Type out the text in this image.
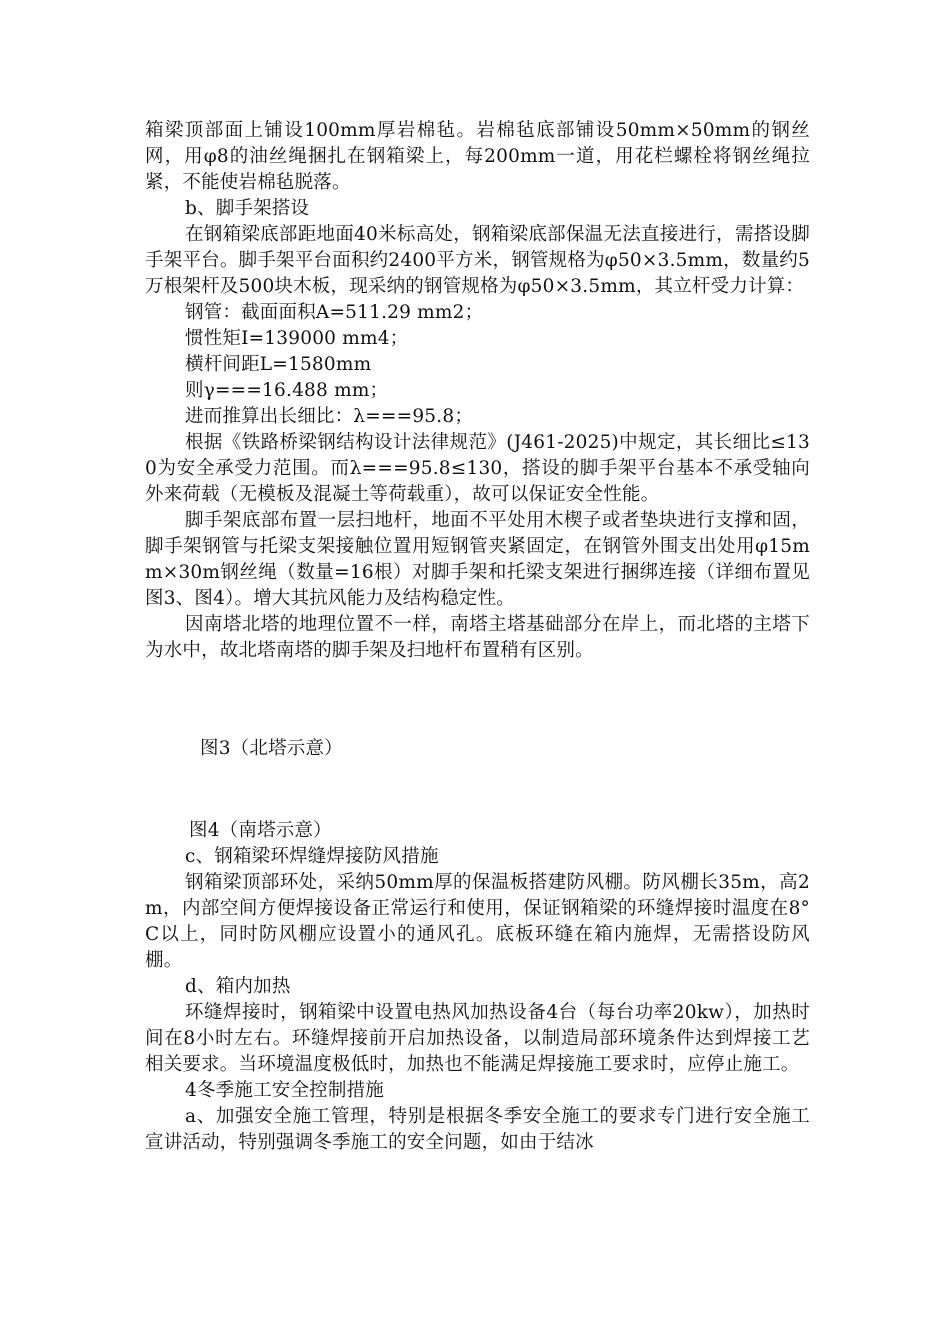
箱梁顶部面上铺设100mm厚岩棉毡。岩棉毡底部铺设50mm×50mm的钢丝网，用φ8的油丝绳捆扎在钢箱梁上，每200mm一道，用花栏螺栓将钢丝绳拉紧，不能使岩棉毡脱落。

b、脚手架搭设

在钢箱梁底部距地面40米标高处，钢箱梁底部保温无法直接进行，需搭设脚手架平台。脚手架平台面积约2400平方米，钢管规格为φ50×3.5mm，数量约5万根架杆及500块木板，现采纳的钢管规格为φ50×3.5mm，其立杆受力计算：

钢管：截面面积A=511.29 mm2；

惯性矩I=139000 mm4；

横杆间距L=1580mm

则γ===16.488 mm；

进而推算出长细比：λ===95.8；

根据《铁路桥梁钢结构设计法律规范》(J461-2025)中规定，其长细比≤130为安全承受力范围。而λ===95.8≤130，搭设的脚手架平台基本不承受轴向外来荷载（无模板及混凝土等荷载重），故可以保证安全性能。

脚手架底部布置一层扫地杆，地面不平处用木楔子或者垫块进行支撑和固，脚手架钢管与托梁支架接触位置用短钢管夹紧固定，在钢管外围支出处用φ15mm×30m钢丝绳（数量=16根）对脚手架和托梁支架进行捆绑连接（详细布置见图3、图4）。增大其抗风能力及结构稳定性。

因南塔北塔的地理位置不一样，南塔主塔基础部分在岸上，而北塔的主塔下为水中，故北塔南塔的脚手架及扫地杆布置稍有区别。

图3（北塔示意）

图4（南塔示意）

c、钢箱梁环焊缝焊接防风措施

钢箱梁顶部环处，采纳50mm厚的保温板搭建防风棚。防风棚长35m，高2m，内部空间方便焊接设备正常运行和使用，保证钢箱梁的环缝焊接时温度在8°C以上，同时防风棚应设置小的通风孔。底板环缝在箱内施焊，无需搭设防风棚。

d、箱内加热

环缝焊接时，钢箱梁中设置电热风加热设备4台（每台功率20kw），加热时间在8小时左右。环缝焊接前开启加热设备，以制造局部环境条件达到焊接工艺相关要求。当环境温度极低时，加热也不能满足焊接施工要求时，应停止施工。

4冬季施工安全控制措施

a、加强安全施工管理，特别是根据冬季安全施工的要求专门进行安全施工宣讲活动，特别强调冬季施工的安全问题，如由于结冰
